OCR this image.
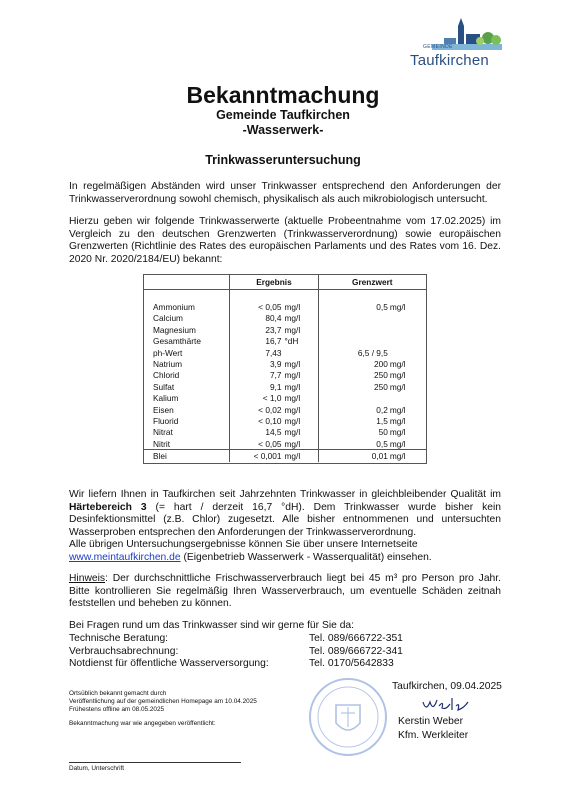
GEMEINDE
Taufkirchen
Bekanntmachung
Gemeinde Taufkirchen
-Wasserwerk-
Trinkwasseruntersuchung
In regelmäßigen Abständen wird unser Trinkwasser entsprechend den Anforderungen der Trinkwasserverordnung sowohl chemisch, physikalisch als auch mikrobiologisch untersucht.
Hierzu geben wir folgende Trinkwasserwerte (aktuelle Probeentnahme vom 17.02.2025) im Vergleich zu den deutschen Grenzwerten (Trinkwasserverordnung) sowie europäischen Grenzwerten (Richtlinie des Rates des europäischen Parlaments und des Rates vom 16. Dez. 2020 Nr. 2020/2184/EU) bekannt:
	Ergebnis		Grenzwert	

Ammonium	< 0,05	mg/l	0,5	mg/l
Calcium	80,4	mg/l		
Magnesium	23,7	mg/l		
Gesamthärte	16,7	°dH		
ph-Wert	7,43		6,5 / 9,5	
Natrium	3,9	mg/l	200	mg/l
Chlorid	7,7	mg/l	250	mg/l
Sulfat	9,1	mg/l	250	mg/l
Kalium	< 1,0	mg/l		
Eisen	< 0,02	mg/l	0,2	mg/l
Fluorid	< 0,10	mg/l	1,5	mg/l
Nitrat	14,5	mg/l	50	mg/l
Nitrit	< 0,05	mg/l	0,5	mg/l
Blei	< 0,001	mg/l	0,01	mg/l
Wir liefern Ihnen in Taufkirchen seit Jahrzehnten Trinkwasser in gleichbleibender Qualität im Härtebereich 3 (= hart / derzeit 16,7 °dH). Dem Trinkwasser wurde bisher kein Desinfektionsmittel (z.B. Chlor) zugesetzt. Alle bisher entnommenen und untersuchten Wasserproben entsprechen den Anforderungen der Trinkwasserverordnung.
Alle übrigen Untersuchungsergebnisse können Sie über unsere Internetseite
www.meintaufkirchen.de (Eigenbetrieb Wasserwerk - Wasserqualität) einsehen.
Hinweis: Der durchschnittliche Frischwasserverbrauch liegt bei 45 m³ pro Person pro Jahr. Bitte kontrollieren Sie regelmäßig Ihren Wasserverbrauch, um eventuelle Schäden zeitnah feststellen und beheben zu können.
Bei Fragen rund um das Trinkwasser sind wir gerne für Sie da:
Technische Beratung:	Tel. 089/666722-351
Verbrauchsabrechnung:	Tel. 089/666722-341
Notdienst für öffentliche Wasserversorgung:	Tel. 0170/5642833
Ortsüblich bekannt gemacht durch
Veröffentlichung auf der gemeindlichen Homepage am 10.04.2025
Frühestens offline am 08.05.2025
Bekanntmachung war wie angegeben veröffentlicht:
Datum, Unterschrift
Taufkirchen, 09.04.2025
Kerstin Weber
Kfm. Werkleiter
